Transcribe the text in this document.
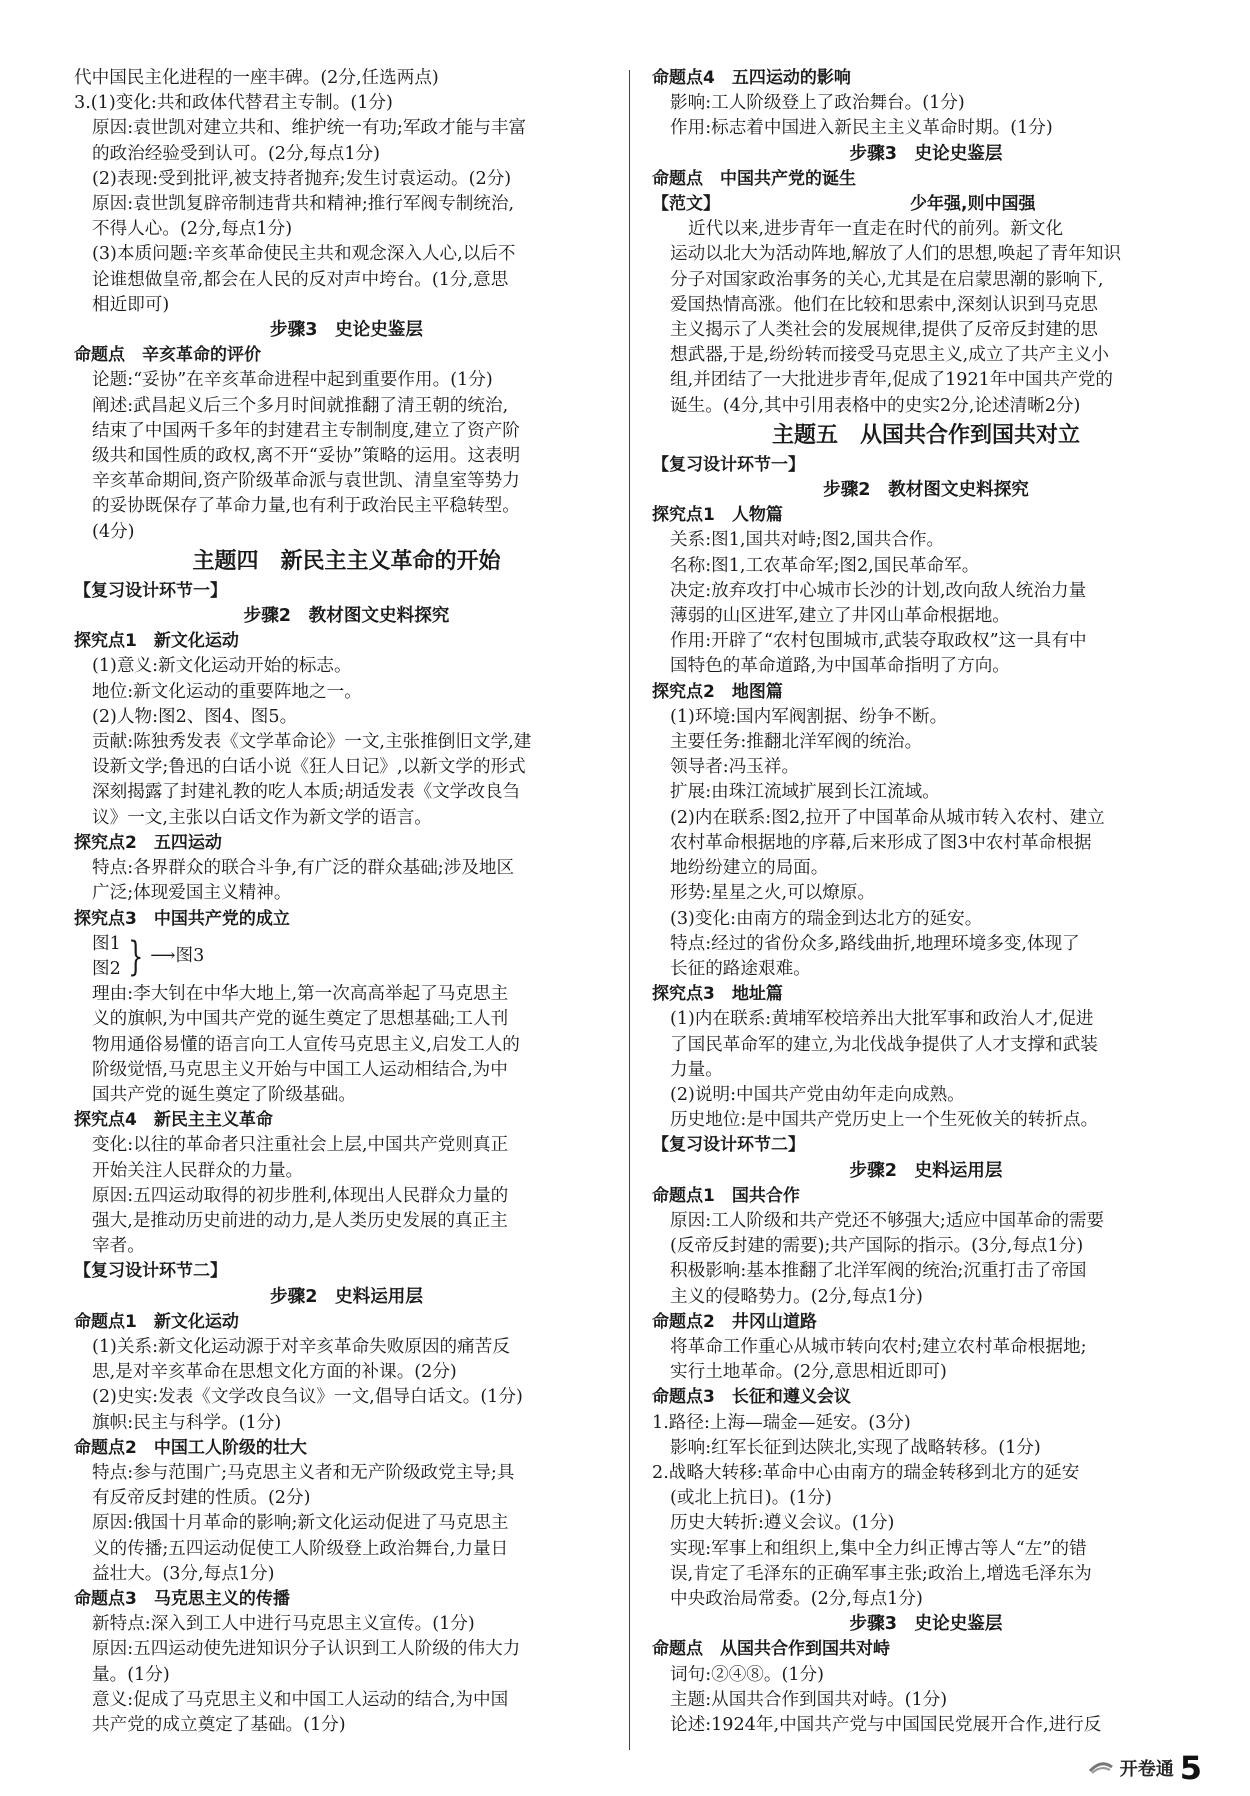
代中国民主化进程的一座丰碑。(2分,任选两点)
3.(1)变化:共和政体代替君主专制。(1分)
原因:袁世凯对建立共和、维护统一有功;军政才能与丰富
的政治经验受到认可。(2分,每点1分)
(2)表现:受到批评,被支持者抛弃;发生讨袁运动。(2分)
原因:袁世凯复辟帝制违背共和精神;推行军阀专制统治,
不得人心。(2分,每点1分)
(3)本质问题:辛亥革命使民主共和观念深入人心,以后不
论谁想做皇帝,都会在人民的反对声中垮台。(1分,意思
相近即可)
步骤3　史论史鉴层
命题点　辛亥革命的评价
论题:“妥协”在辛亥革命进程中起到重要作用。(1分)
阐述:武昌起义后三个多月时间就推翻了清王朝的统治,
结束了中国两千多年的封建君主专制制度,建立了资产阶
级共和国性质的政权,离不开“妥协”策略的运用。这表明
辛亥革命期间,资产阶级革命派与袁世凯、清皇室等势力
的妥协既保存了革命力量,也有利于政治民主平稳转型。
(4分)
主题四　新民主主义革命的开始
【复习设计环节一】
步骤2　教材图文史料探究
探究点1　新文化运动
(1)意义:新文化运动开始的标志。
地位:新文化运动的重要阵地之一。
(2)人物:图2、图4、图5。
贡献:陈独秀发表《文学革命论》一文,主张推倒旧文学,建
设新文学;鲁迅的白话小说《狂人日记》,以新文学的形式
深刻揭露了封建礼教的吃人本质;胡适发表《文学改良刍
议》一文,主张以白话文作为新文学的语言。
探究点2　五四运动
特点:各界群众的联合斗争,有广泛的群众基础;涉及地区
广泛;体现爱国主义精神。
探究点3　中国共产党的成立
图1
图2 } ⟶ 图3
理由:李大钊在中华大地上,第一次高高举起了马克思主
义的旗帜,为中国共产党的诞生奠定了思想基础;工人刊
物用通俗易懂的语言向工人宣传马克思主义,启发工人的
阶级觉悟,马克思主义开始与中国工人运动相结合,为中
国共产党的诞生奠定了阶级基础。
探究点4　新民主主义革命
变化:以往的革命者只注重社会上层,中国共产党则真正
开始关注人民群众的力量。
原因:五四运动取得的初步胜利,体现出人民群众力量的
强大,是推动历史前进的动力,是人类历史发展的真正主
宰者。
【复习设计环节二】
步骤2　史料运用层
命题点1　新文化运动
(1)关系:新文化运动源于对辛亥革命失败原因的痛苦反
思,是对辛亥革命在思想文化方面的补课。(2分)
(2)史实:发表《文学改良刍议》一文,倡导白话文。(1分)
旗帜:民主与科学。(1分)
命题点2　中国工人阶级的壮大
特点:参与范围广;马克思主义者和无产阶级政党主导;具
有反帝反封建的性质。(2分)
原因:俄国十月革命的影响;新文化运动促进了马克思主
义的传播;五四运动促使工人阶级登上政治舞台,力量日
益壮大。(3分,每点1分)
命题点3　马克思主义的传播
新特点:深入到工人中进行马克思主义宣传。(1分)
原因:五四运动使先进知识分子认识到工人阶级的伟大力
量。(1分)
意义:促成了马克思主义和中国工人运动的结合,为中国
共产党的成立奠定了基础。(1分)
命题点4　五四运动的影响
影响:工人阶级登上了政治舞台。(1分)
作用:标志着中国进入新民主主义革命时期。(1分)
步骤3　史论史鉴层
命题点　中国共产党的诞生
【范文】	少年强,则中国强
近代以来,进步青年一直走在时代的前列。新文化
运动以北大为活动阵地,解放了人们的思想,唤起了青年知识
分子对国家政治事务的关心,尤其是在启蒙思潮的影响下,
爱国热情高涨。他们在比较和思索中,深刻认识到马克思
主义揭示了人类社会的发展规律,提供了反帝反封建的思
想武器,于是,纷纷转而接受马克思主义,成立了共产主义小
组,并团结了一大批进步青年,促成了1921年中国共产党的
诞生。(4分,其中引用表格中的史实2分,论述清晰2分)
主题五　从国共合作到国共对立
【复习设计环节一】
步骤2　教材图文史料探究
探究点1　人物篇
关系:图1,国共对峙;图2,国共合作。
名称:图1,工农革命军;图2,国民革命军。
决定:放弃攻打中心城市长沙的计划,改向敌人统治力量
薄弱的山区进军,建立了井冈山革命根据地。
作用:开辟了“农村包围城市,武装夺取政权”这一具有中
国特色的革命道路,为中国革命指明了方向。
探究点2　地图篇
(1)环境:国内军阀割据、纷争不断。
主要任务:推翻北洋军阀的统治。
领导者:冯玉祥。
扩展:由珠江流域扩展到长江流域。
(2)内在联系:图2,拉开了中国革命从城市转入农村、建立
农村革命根据地的序幕,后来形成了图3中农村革命根据
地纷纷建立的局面。
形势:星星之火,可以燎原。
(3)变化:由南方的瑞金到达北方的延安。
特点:经过的省份众多,路线曲折,地理环境多变,体现了
长征的路途艰难。
探究点3　地址篇
(1)内在联系:黄埔军校培养出大批军事和政治人才,促进
了国民革命军的建立,为北伐战争提供了人才支撑和武装
力量。
(2)说明:中国共产党由幼年走向成熟。
历史地位:是中国共产党历史上一个生死攸关的转折点。
【复习设计环节二】
步骤2　史料运用层
命题点1　国共合作
原因:工人阶级和共产党还不够强大;适应中国革命的需要
(反帝反封建的需要);共产国际的指示。(3分,每点1分)
积极影响:基本推翻了北洋军阀的统治;沉重打击了帝国
主义的侵略势力。(2分,每点1分)
命题点2　井冈山道路
将革命工作重心从城市转向农村;建立农村革命根据地;
实行土地革命。(2分,意思相近即可)
命题点3　长征和遵义会议
1.路径:上海—瑞金—延安。(3分)
影响:红军长征到达陕北,实现了战略转移。(1分)
2.战略大转移:革命中心由南方的瑞金转移到北方的延安
(或北上抗日)。(1分)
历史大转折:遵义会议。(1分)
实现:军事上和组织上,集中全力纠正博古等人“左”的错
误,肯定了毛泽东的正确军事主张;政治上,增选毛泽东为
中央政治局常委。(2分,每点1分)
步骤3　史论史鉴层
命题点　从国共合作到国共对峙
词句:②④⑧。(1分)
主题:从国共合作到国共对峙。(1分)
论述:1924年,中国共产党与中国国民党展开合作,进行反
开卷通 5
